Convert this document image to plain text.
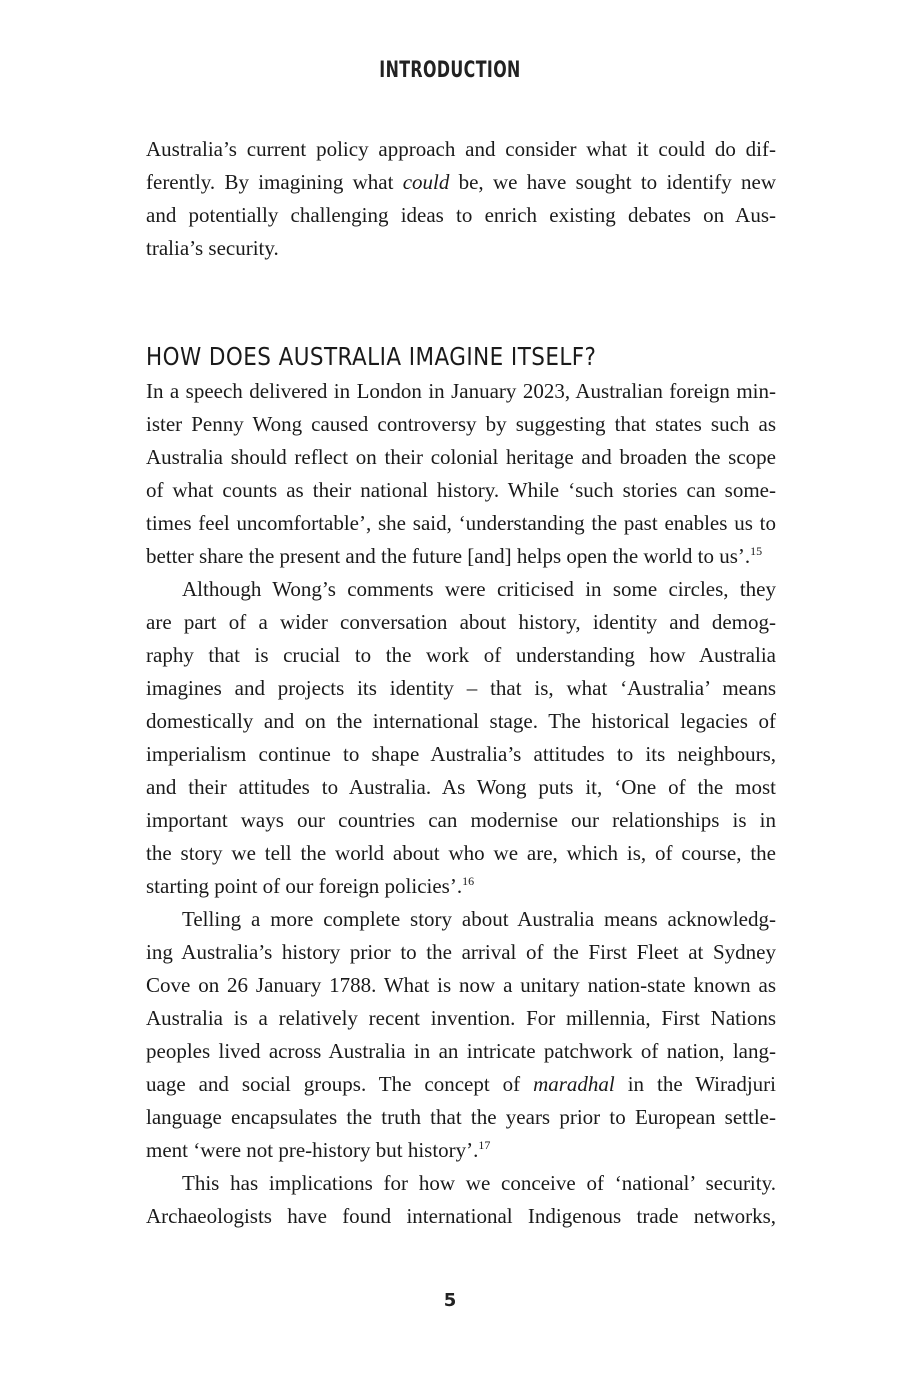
INTRODUCTION
Australia’s current policy approach and consider what it could do dif-
ferently. By imagining what could be, we have sought to identify new
and potentially challenging ideas to enrich existing debates on Aus-
tralia’s security.
HOW DOES AUSTRALIA IMAGINE ITSELF?
In a speech delivered in London in January 2023, Australian foreign min-
ister Penny Wong caused controversy by suggesting that states such as
Australia should reflect on their colonial heritage and broaden the scope
of what counts as their national history. While ‘such stories can some-
times feel uncomfortable’, she said, ‘understanding the past enables us to
better share the present and the future [and] helps open the world to us’.$^{15}$
Although Wong’s comments were criticised in some circles, they
are part of a wider conversation about history, identity and demog-
raphy that is crucial to the work of understanding how Australia
imagines and projects its identity – that is, what ‘Australia’ means
domestically and on the international stage. The historical legacies of
imperialism continue to shape Australia’s attitudes to its neighbours,
and their attitudes to Australia. As Wong puts it, ‘One of the most
important ways our countries can modernise our relationships is in
the story we tell the world about who we are, which is, of course, the
starting point of our foreign policies’.$^{16}$
Telling a more complete story about Australia means acknowledg-
ing Australia’s history prior to the arrival of the First Fleet at Sydney
Cove on 26 January 1788. What is now a unitary nation-state known as
Australia is a relatively recent invention. For millennia, First Nations
peoples lived across Australia in an intricate patchwork of nation, lang-
uage and social groups. The concept of maradhal in the Wiradjuri
language encapsulates the truth that the years prior to European settle-
ment ‘were not pre-history but history’.$^{17}$
This has implications for how we conceive of ‘national’ security.
Archaeologists have found international Indigenous trade networks,
5
